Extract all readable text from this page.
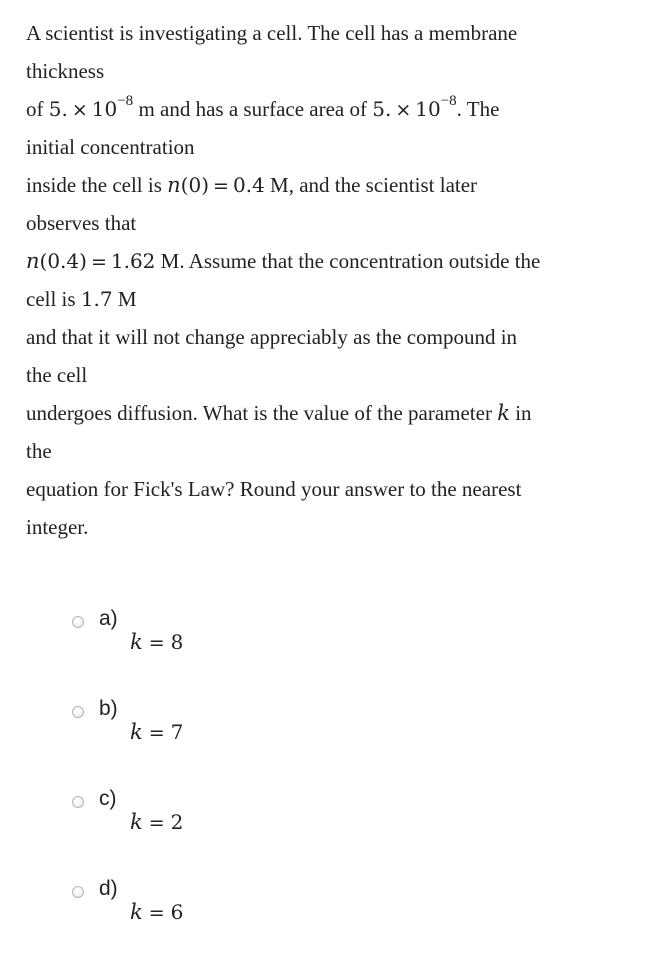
A scientist is investigating a cell. The cell has a membrane
thickness
of 5. × $10^{-8}$ m and has a surface area of 5. × $10^{-8}$. The
initial concentration
inside the cell is n(0) = 0.4 M, and the scientist later
observes that
n(0.4) = 1.62 M. Assume that the concentration outside the
cell is 1.7 M
and that it will not change appreciably as the compound in
the cell
undergoes diffusion. What is the value of the parameter k in
the
equation for Fick's Law? Round your answer to the nearest
integer.
a)
k = 8
b)
k = 7
c)
k = 2
d)
k = 6
